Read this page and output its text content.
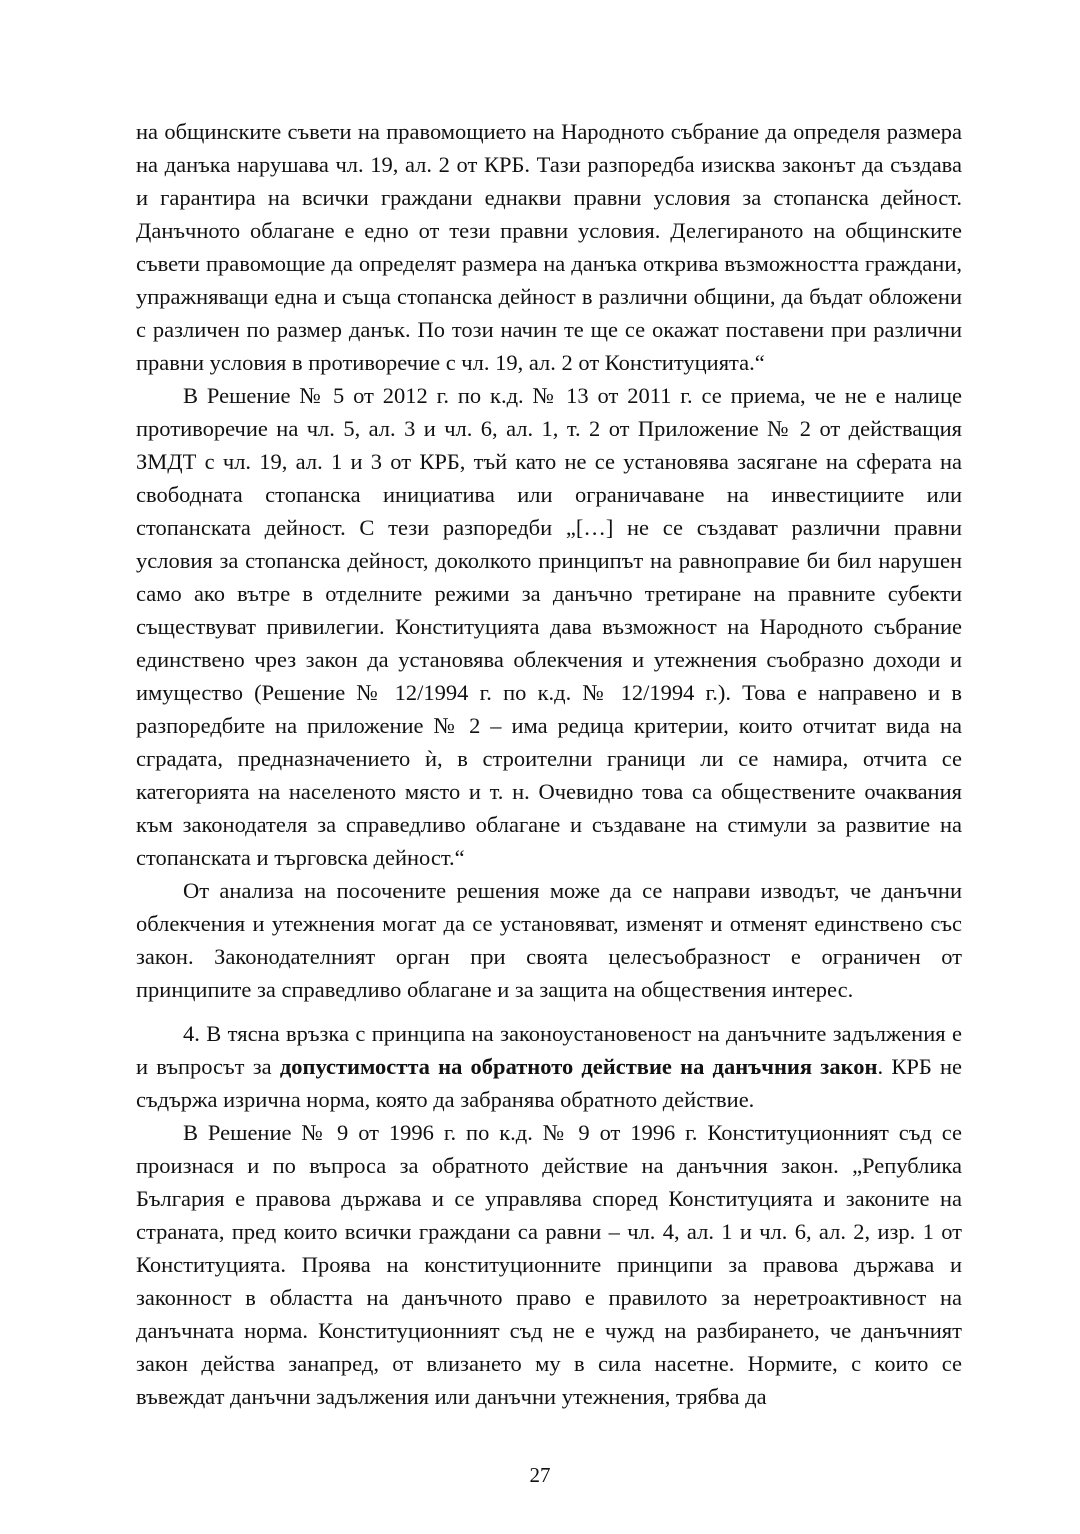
на общинските съвети на правомощието на Народното събрание да определя размера на данъка нарушава чл. 19, ал. 2 от КРБ. Тази разпоредба изисква законът да създава и гарантира на всички граждани еднакви правни условия за стопанска дейност. Данъчното облагане е едно от тези правни условия. Делегираното на общинските съвети правомощие да определят размера на данъка открива възможността граждани, упражняващи една и съща стопанска дейност в различни общини, да бъдат обложени с различен по размер данък. По този начин те ще се окажат поставени при различни правни условия в противоречие с чл. 19, ал. 2 от Конституцията.“

В Решение № 5 от 2012 г. по к.д. № 13 от 2011 г. се приема, че не е налице противоречие на чл. 5, ал. 3 и чл. 6, ал. 1, т. 2 от Приложение № 2 от действащия ЗМДТ с чл. 19, ал. 1 и 3 от КРБ, тъй като не се установява засягане на сферата на свободната стопанска инициатива или ограничаване на инвестициите или стопанската дейност. С тези разпоредби „[…] не се създават различни правни условия за стопанска дейност, доколкото принципът на равноправие би бил нарушен само ако вътре в отделните режими за данъчно третиране на правните субекти съществуват привилегии. Конституцията дава възможност на Народното събрание единствено чрез закон да установява облекчения и утежнения съобразно доходи и имущество (Решение № 12/1994 г. по к.д. № 12/1994 г.). Това е направено и в разпоредбите на приложение № 2 – има редица критерии, които отчитат вида на сградата, предназначението ѝ, в строителни граници ли се намира, отчита се категорията на населеното място и т. н. Очевидно това са обществените очаквания към законодателя за справедливо облагане и създаване на стимули за развитие на стопанската и търговска дейност.“

От анализа на посочените решения може да се направи изводът, че данъчни облекчения и утежнения могат да се установяват, изменят и отменят единствено със закон. Законодателният орган при своята целесъобразност е ограничен от принципите за справедливо облагане и за защита на обществения интерес.

4. В тясна връзка с принципа на законоустановеност на данъчните задължения е и въпросът за допустимостта на обратното действие на данъчния закон. КРБ не съдържа изрична норма, която да забранява обратното действие.

В Решение № 9 от 1996 г. по к.д. № 9 от 1996 г. Конституционният съд се произнася и по въпроса за обратното действие на данъчния закон. „Република България е правова държава и се управлява според Конституцията и законите на страната, пред които всички граждани са равни – чл. 4, ал. 1 и чл. 6, ал. 2, изр. 1 от Конституцията. Проява на конституционните принципи за правова държава и законност в областта на данъчното право е правилото за неретроактивност на данъчната норма. Конституционният съд не е чужд на разбирането, че данъчният закон действа занапред, от влизането му в сила насетне. Нормите, с които се въвеждат данъчни задължения или данъчни утежнения, трябва да

27
